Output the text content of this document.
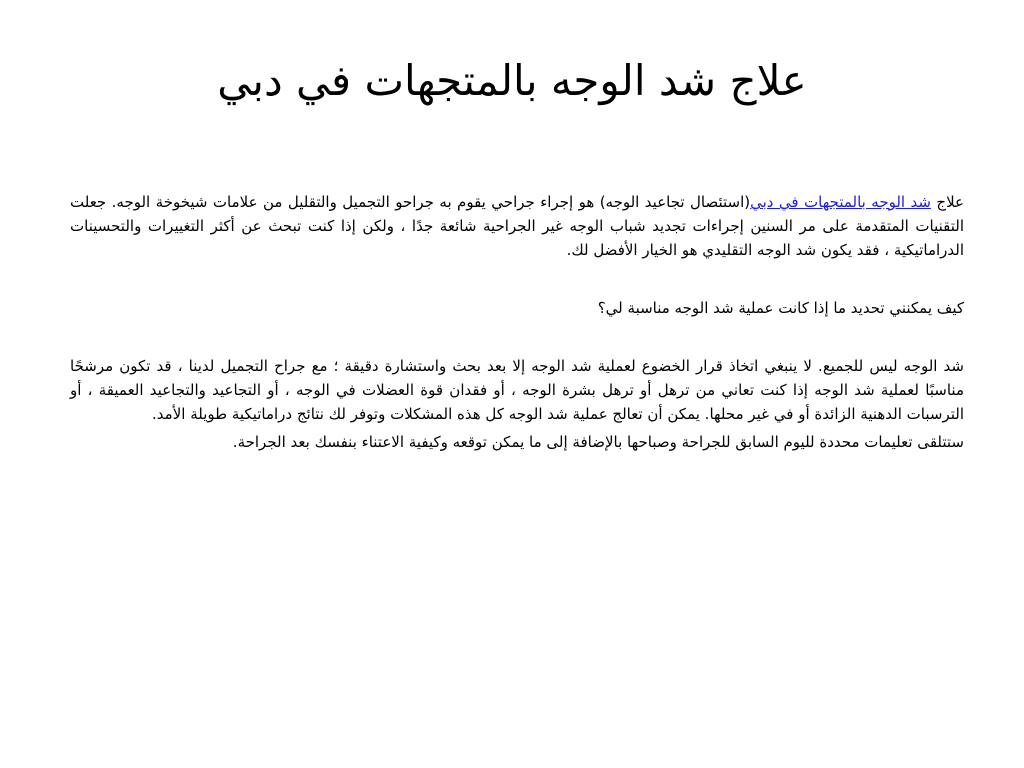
علاج شد الوجه بالمتجهات في دبي

علاج شد الوجه بالمتجهات في دبي(استئصال تجاعيد الوجه) هو إجراء جراحي يقوم به جراحو التجميل والتقليل من علامات شيخوخة الوجه. جعلت التقنيات المتقدمة على مر السنين إجراءات تجديد شباب الوجه غير الجراحية شائعة جدًا ، ولكن إذا كنت تبحث عن أكثر التغييرات والتحسينات الدراماتيكية ، فقد يكون شد الوجه التقليدي هو الخيار الأفضل لك.

كيف يمكنني تحديد ما إذا كانت عملية شد الوجه مناسبة لي؟

شد الوجه ليس للجميع. لا ينبغي اتخاذ قرار الخضوع لعملية شد الوجه إلا بعد بحث واستشارة دقيقة ؛ مع جراح التجميل لدينا ، قد تكون مرشحًا مناسبًا لعملية شد الوجه إذا كنت تعاني من ترهل أو ترهل بشرة الوجه ، أو فقدان قوة العضلات في الوجه ، أو التجاعيد والتجاعيد العميقة ، أو الترسبات الدهنية الزائدة أو في غير محلها. يمكن أن تعالج عملية شد الوجه كل هذه المشكلات وتوفر لك نتائج دراماتيكية طويلة الأمد.

ستتلقى تعليمات محددة لليوم السابق للجراحة وصباحها بالإضافة إلى ما يمكن توقعه وكيفية الاعتناء بنفسك بعد الجراحة.
